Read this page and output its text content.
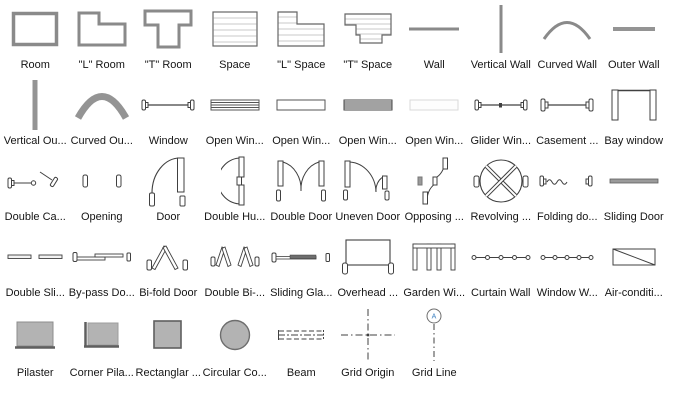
Room	"L" Room "T" Room Space "L" Space "T" Space	Wall Vertical Wall Curved Wall Outer Wall
Vertical Ou... Curved Ou... Window Open Win... Open Win... Open Win... Open Win... Glider Win... Casement ... Bay window
Double Ca... Opening	Door Double Hu... Double Door Uneven Door Opposing ... Revolving ... Folding do... Sliding Door
Double Sli... By-pass Do... Bi-fold Door Double Bi-... Sliding Gla... Overhead ... Garden Wi... Curtain Wall Window W... Air-conditi...
Pilaster Corner Pila... Rectanglar ... Circular Co... Beam Grid Origin
A
Grid Line
